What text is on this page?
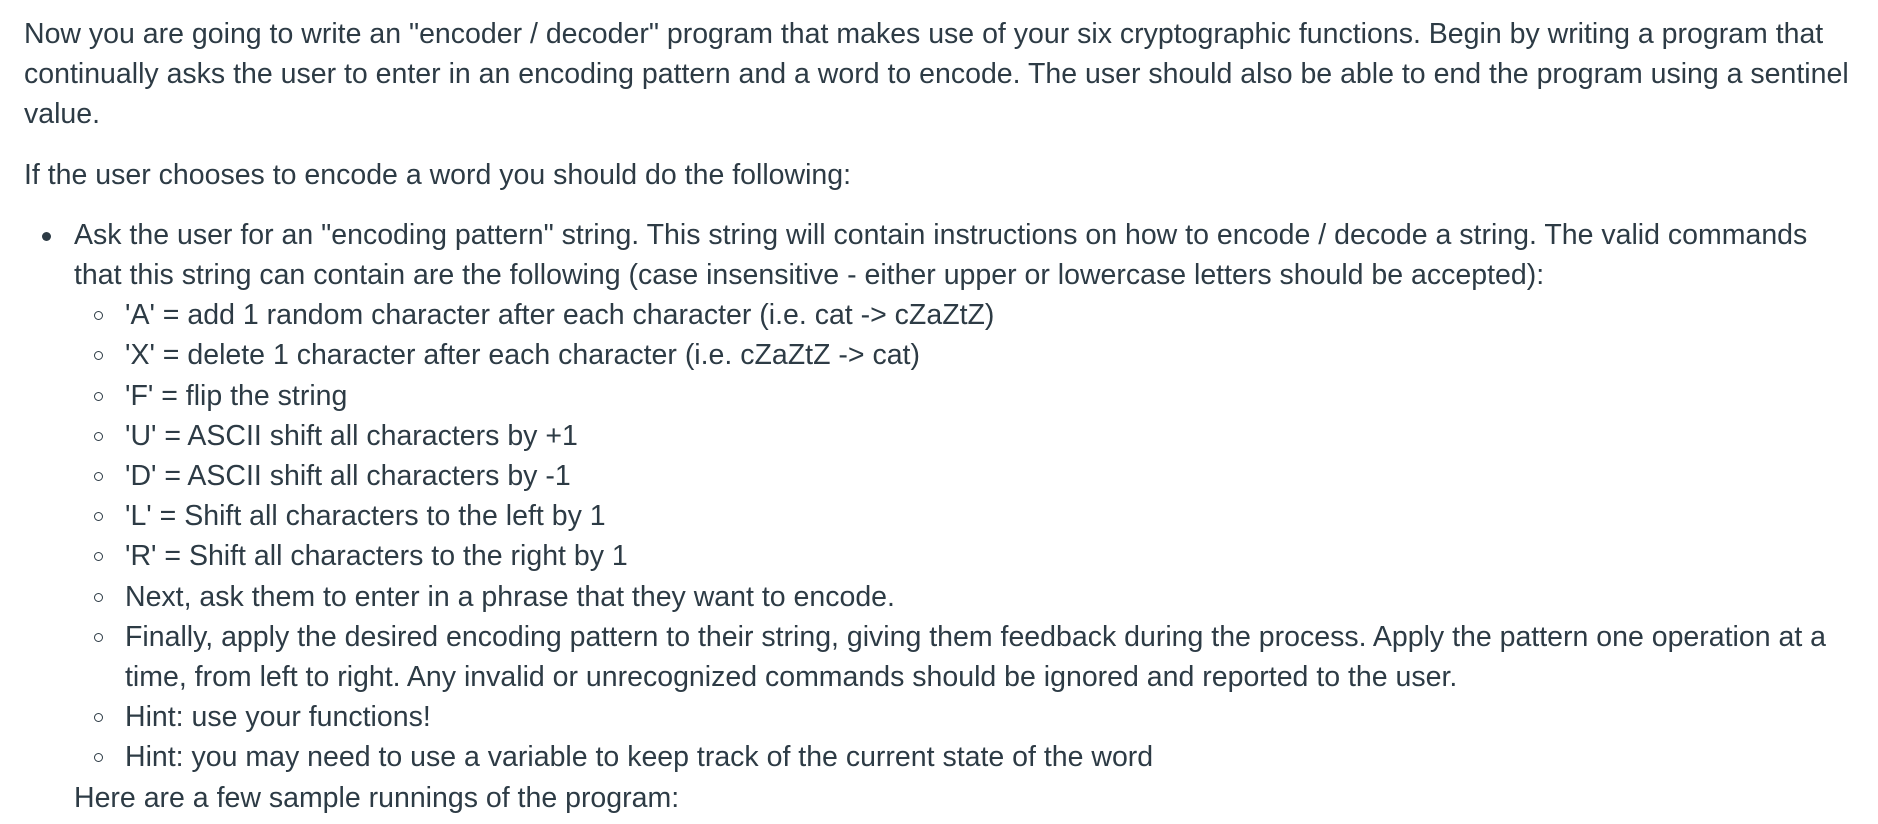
Now you are going to write an "encoder / decoder" program that makes use of your six cryptographic functions. Begin by writing a program that continually asks the user to enter in an encoding pattern and a word to encode. The user should also be able to end the program using a sentinel value.

If the user chooses to encode a word you should do the following:

Ask the user for an "encoding pattern" string. This string will contain instructions on how to encode / decode a string. The valid commands that this string can contain are the following (case insensitive - either upper or lowercase letters should be accepted):
'A' = add 1 random character after each character (i.e. cat -> cZaZtZ)
'X' = delete 1 character after each character (i.e. cZaZtZ -> cat)
'F' = flip the string
'U' = ASCII shift all characters by +1
'D' = ASCII shift all characters by -1
'L' = Shift all characters to the left by 1
'R' = Shift all characters to the right by 1
Next, ask them to enter in a phrase that they want to encode.
Finally, apply the desired encoding pattern to their string, giving them feedback during the process. Apply the pattern one operation at a time, from left to right. Any invalid or unrecognized commands should be ignored and reported to the user.
Hint: use your functions!
Hint: you may need to use a variable to keep track of the current state of the word
Here are a few sample runnings of the program:
